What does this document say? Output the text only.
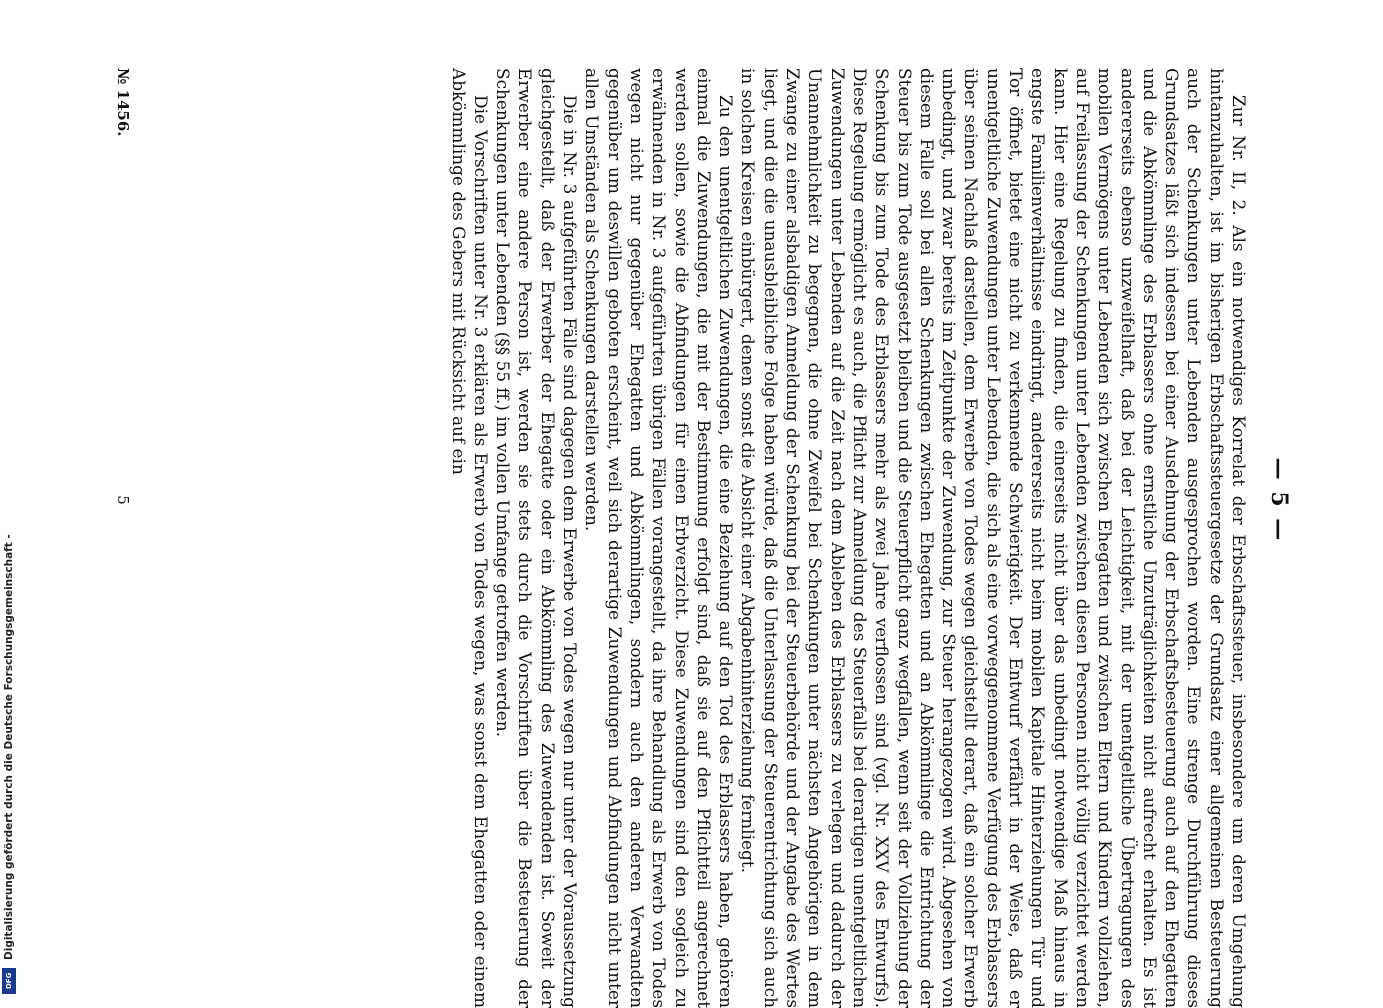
— 5 —

Zur Nr. II, 2. Als ein notwendiges Korrelat der Erbschaftssteuer, insbesondere um deren Umgehung hintanzuhalten, ist im bisherigen Erbschaftssteuergesetze der Grundsatz einer allgemeinen Besteuerung auch der Schenkungen unter Lebenden ausgesprochen worden. Eine strenge Durchführung dieses Grundsatzes läßt sich indessen bei einer Ausdehnung der Erbschaftsbesteuerung auch auf den Ehegatten und die Abkömmlinge des Erblassers ohne ernstliche Unzuträglichkeiten nicht aufrecht erhalten. Es ist andererseits ebenso unzweifelhaft, daß bei der Leichtigkeit, mit der unentgeltliche Übertragungen des mobilen Vermögens unter Lebenden sich zwischen Ehegatten und zwischen Eltern und Kindern vollziehen, auf Freilassung der Schenkungen unter Lebenden zwischen diesen Personen nicht völlig verzichtet werden kann. Hier eine Regelung zu finden, die einerseits nicht über das unbedingt notwendige Maß hinaus in engste Familienverhältnisse eindringt, andererseits nicht beim mobilen Kapitale Hinterziehungen Tür und Tor öffnet, bietet eine nicht zu verkennende Schwierigkeit. Der Entwurf verfährt in der Weise, daß er unentgeltliche Zuwendungen unter Lebenden, die sich als eine vorweggenommene Verfügung des Erblassers über seinen Nachlaß darstellen, dem Erwerbe von Todes wegen gleichstellt derart, daß ein solcher Erwerb unbedingt, und zwar bereits im Zeitpunkte der Zuwendung, zur Steuer herangezogen wird. Abgesehen von diesem Falle soll bei allen Schenkungen zwischen Ehegatten und an Abkömmlinge die Entrichtung der Steuer bis zum Tode ausgesetzt bleiben und die Steuerpflicht ganz wegfallen, wenn seit der Vollziehung der Schenkung bis zum Tode des Erblassers mehr als zwei Jahre verflossen sind (vgl. Nr. XXV des Entwurfs). Diese Regelung ermöglicht es auch, die Pflicht zur Anmeldung des Steuerfalls bei derartigen unentgeltlichen Zuwendungen unter Lebenden auf die Zeit nach dem Ableben des Erblassers zu verlegen und dadurch der Unannehmlichkeit zu begegnen, die ohne Zweifel bei Schenkungen unter nächsten Angehörigen in dem Zwange zu einer alsbaldigen Anmeldung der Schenkung bei der Steuerbehörde und der Angabe des Wertes liegt, und die die unausbleibliche Folge haben würde, daß die Unterlassung der Steuerentrichtung sich auch in solchen Kreisen einbürgert, denen sonst die Absicht einer Abgabenhinterziehung fernliegt.

Zu den unentgeltlichen Zuwendungen, die eine Beziehung auf den Tod des Erblassers haben, gehören einmal die Zuwendungen, die mit der Bestimmung erfolgt sind, daß sie auf den Pflichtteil angerechnet werden sollen, sowie die Abfindungen für einen Erbverzicht. Diese Zuwendungen sind den sogleich zu erwähnenden in Nr. 3 aufgeführten übrigen Fällen vorangestellt, da ihre Behandlung als Erwerb von Todes wegen nicht nur gegenüber Ehegatten und Abkömmlingen, sondern auch den anderen Verwandten gegenüber um deswillen geboten erscheint, weil sich derartige Zuwendungen und Abfindungen nicht unter allen Umständen als Schenkungen darstellen werden.

Die in Nr. 3 aufgeführten Fälle sind dagegen dem Erwerbe von Todes wegen nur unter der Voraussetzung gleichgestellt, daß der Erwerber der Ehegatte oder ein Abkömmling des Zuwendenden ist. Soweit der Erwerber eine andere Person ist, werden sie stets durch die Vorschriften über die Besteuerung der Schenkungen unter Lebenden (§§ 55 ff.) im vollen Umfange getroffen werden.

Die Vorschriften unter Nr. 3 erklären als Erwerb von Todes wegen, was sonst dem Ehegatten oder einem Abkömmlinge des Gebers mit Rücksicht auf ein

№ 1456.
5
Digitalisierung gefördert durch die Deutsche Forschungsgemeinschaft -
DFG
